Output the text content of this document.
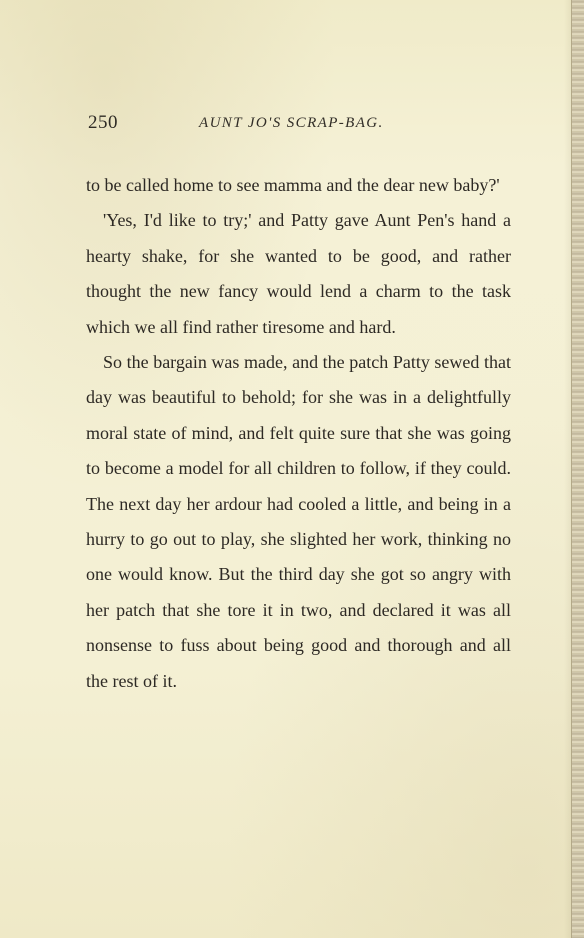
250	AUNT JO'S SCRAP-BAG.

to be called home to see mamma and the dear new baby?'

'Yes, I'd like to try;' and Patty gave Aunt Pen's hand a hearty shake, for she wanted to be good, and rather thought the new fancy would lend a charm to the task which we all find rather tiresome and hard.

So the bargain was made, and the patch Patty sewed that day was beautiful to behold; for she was in a delightfully moral state of mind, and felt quite sure that she was going to become a model for all children to follow, if they could. The next day her ardour had cooled a little, and being in a hurry to go out to play, she slighted her work, thinking no one would know. But the third day she got so angry with her patch that she tore it in two, and declared it was all nonsense to fuss about being good and thorough and all the rest of it.
